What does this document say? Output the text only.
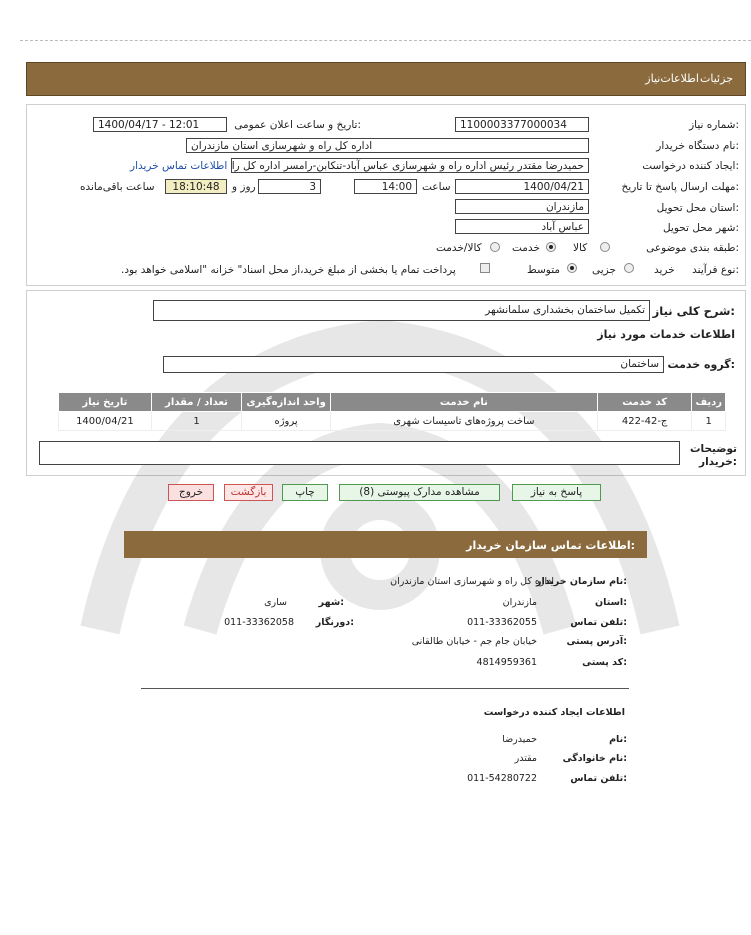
اطلاعات‌نیاز جزئیات
شماره نیاز:
1100003377000034
تاریخ و ساعت اعلان عمومی:
1400/04/17 - 12:01
نام دستگاه خریدار:
اداره کل راه و شهرسازی استان مازندران
ایجاد کننده درخواست:
حمیدرضا مقتدر رئیس اداره راه و شهرسازی عباس آباد-تنکابن-رامسر اداره کل را
اطلاعات تماس خریدار
مهلت ارسال پاسخ تا تاریخ:
1400/04/21
ساعت
14:00
3
روز و
18:10:48
ساعت باقی‌مانده
استان محل تحویل:
مازندران
شهر محل تحویل:
عباس آباد
طبقه بندی موضوعی:
کالا
خدمت
کالا/خدمت
نوع فرآیند:
خرید
جزیی
متوسط
پرداخت تمام یا بخشی از مبلغ خرید،از محل اسناد" خزانه "اسلامی خواهد بود.
شرح کلی نیاز:
تکمیل ساختمان بخشداری سلمانشهر
اطلاعات خدمات مورد نیاز
گروه خدمت:
ساختمان
ردیف	کد خدمت	نام خدمت	واحد اندازه‌گیری	تعداد / مقدار	تاریخ نیاز
1	ج-42-422	ساخت پروژه‌های تاسیسات شهری	پروژه	1	1400/04/21
توضیحات خریدار:
پاسخ به نیاز
مشاهده مدارک پیوستی (8)
چاپ
بازگشت
خروج
اطلاعات تماس سازمان خریدار:
نام سازمان خریدار:
اداره کل راه و شهرسازی استان مازندران
استان:
مازندران
شهر:
ساری
تلفن تماس:
011-33362055
دورنگار:
011-33362058
آدرس پستی:
خیابان جام جم - خیابان طالقانی
کد پستی:
4814959361
اطلاعات ایجاد کننده درخواست
نام:
حمیدرضا
نام خانوادگی:
مقتدر
تلفن تماس:
011-54280722
